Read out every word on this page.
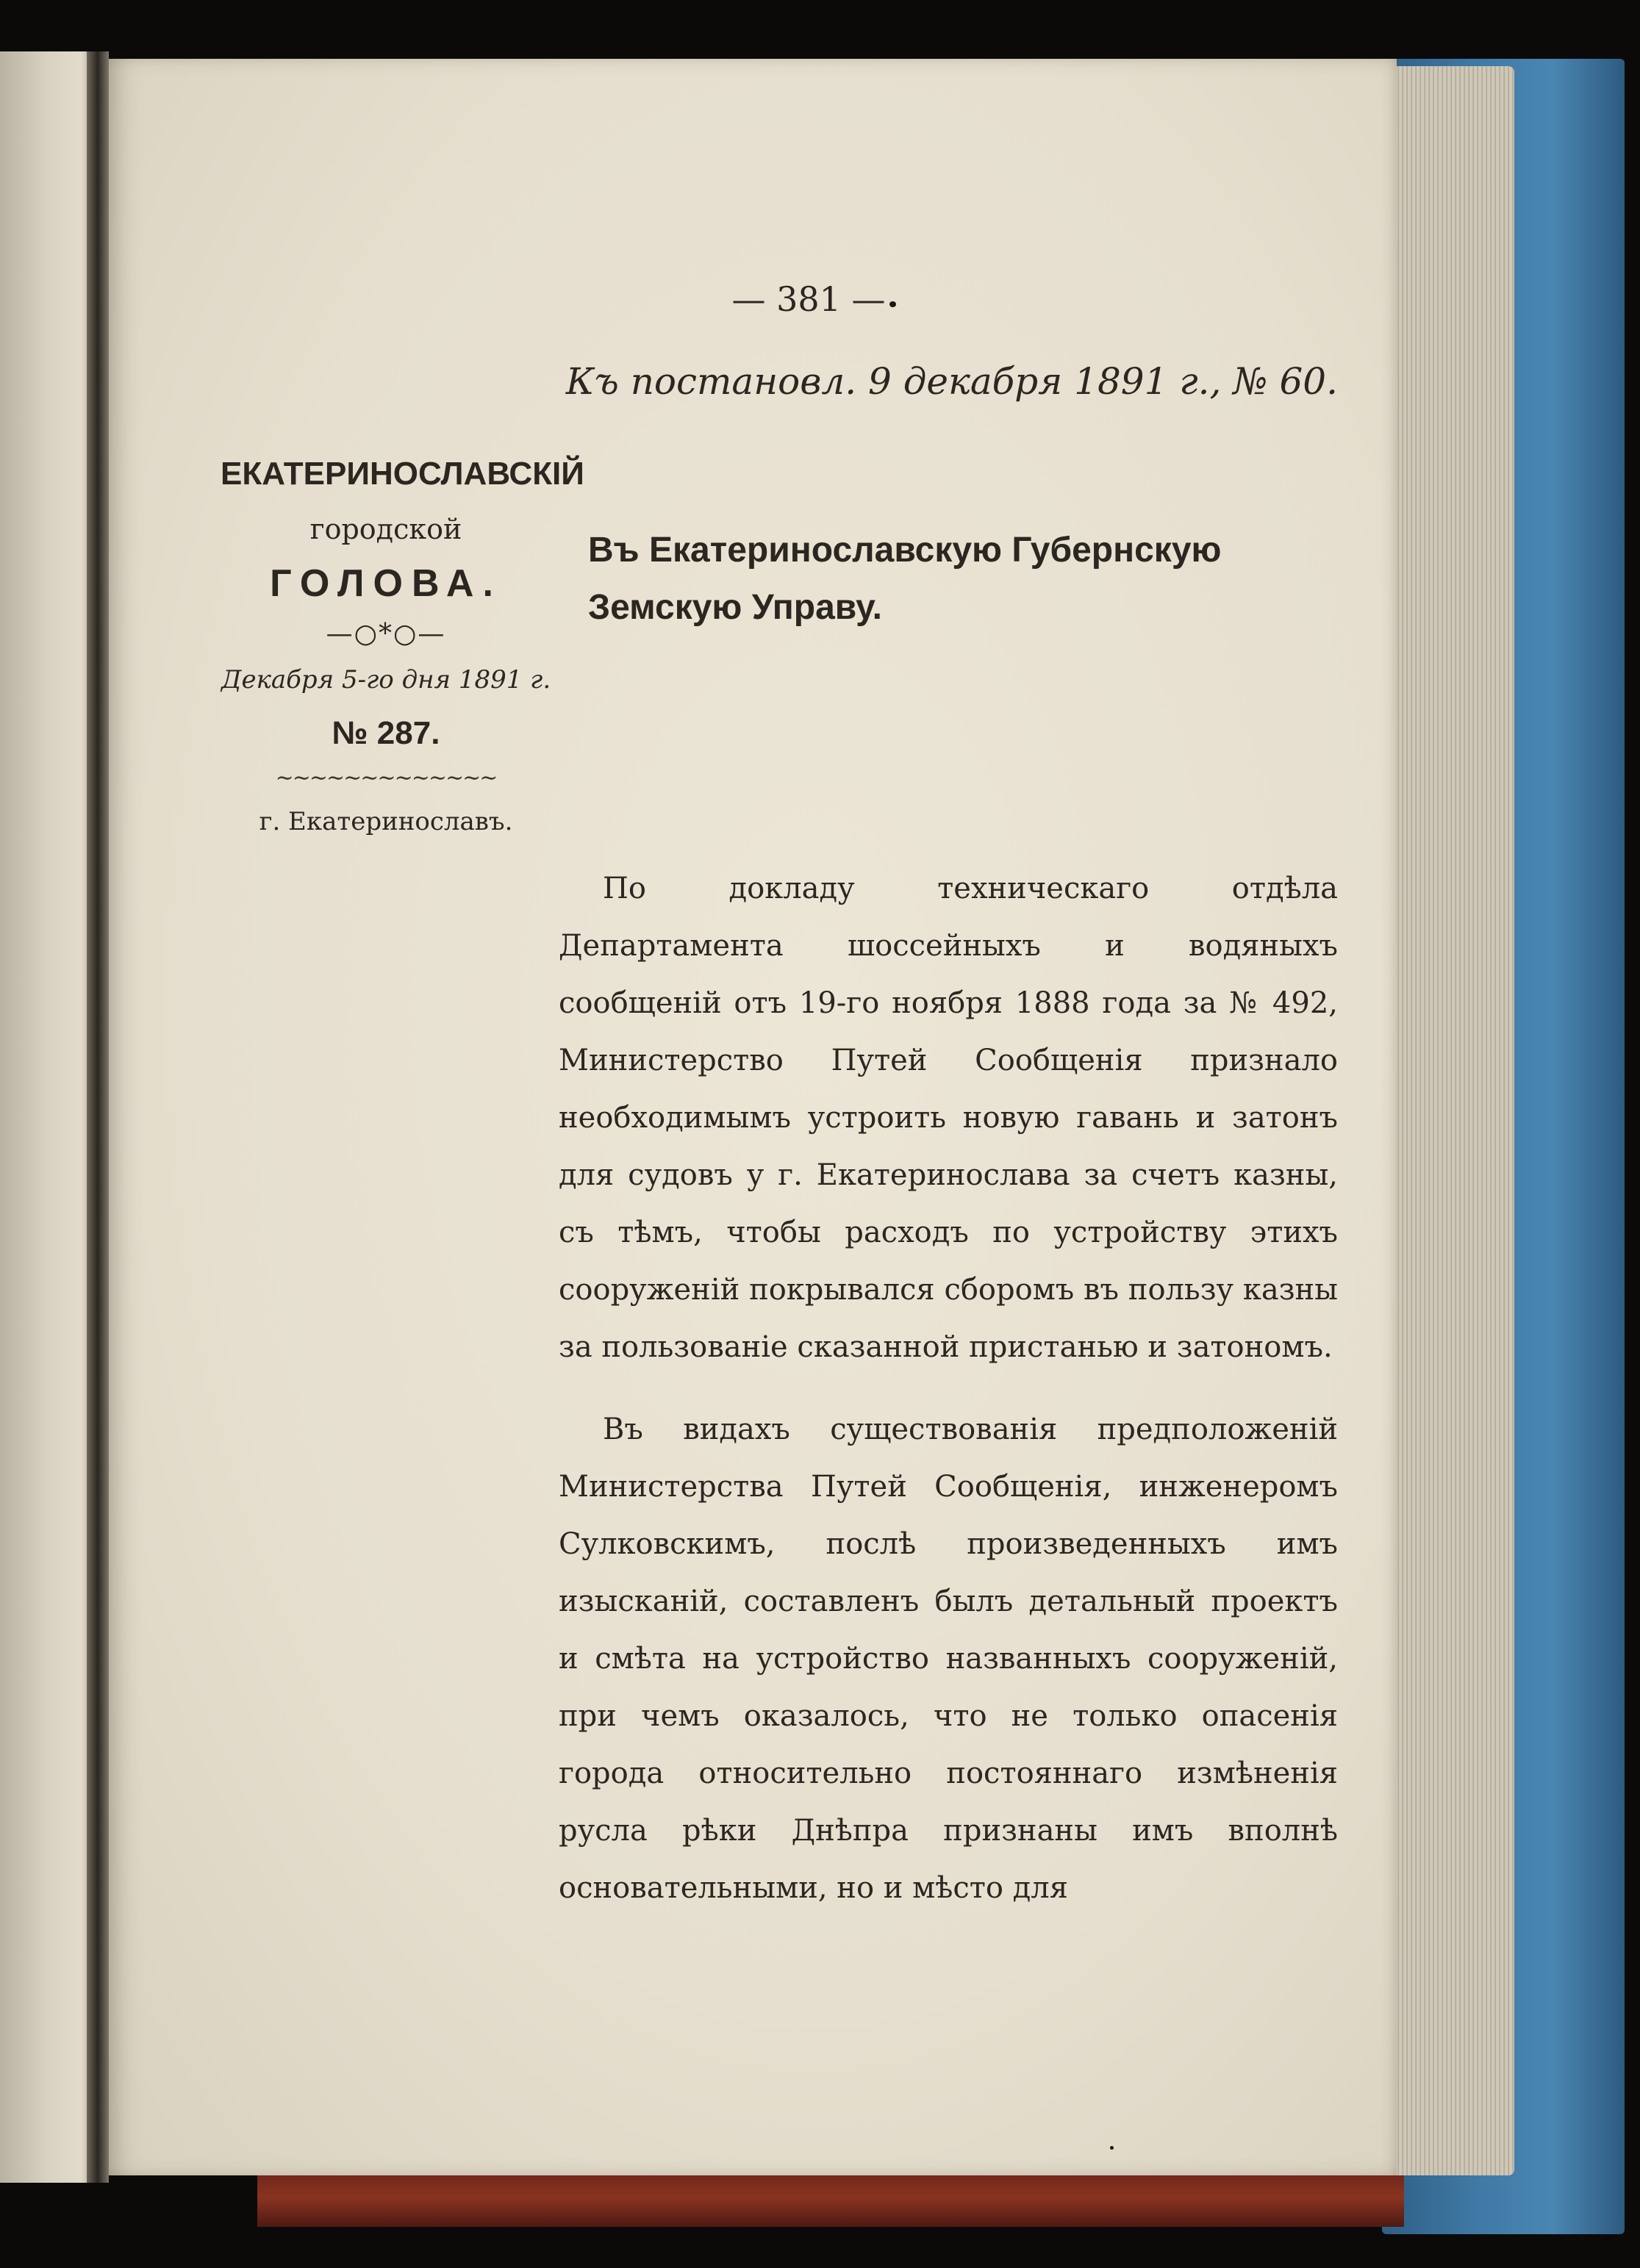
— 381 —
Къ постановл. 9 декабря 1891 г., № 60.
ЕКАТЕРИНОСЛАВСКІЙ
городской
ГОЛОВА.
—○*○—
Декабря 5-го дня 1891 г.
№ 287.
∼∼∼∼∼∼∼∼∼∼∼∼∼
г. Екатеринославъ.
Въ Екатеринославскую Губернскую Земскую Управу.

По докладу техническаго отдѣла Департамента шоссейныхъ и водяныхъ сообщеній отъ 19-го ноября 1888 года за № 492, Министерство Путей Сообщенія признало необходимымъ устроить новую гавань и затонъ для судовъ у г. Екатеринослава за счетъ казны, съ тѣмъ, чтобы расходъ по устройству этихъ сооруженій покрывался сборомъ въ пользу казны за пользованіе сказанной пристанью и затономъ.

Въ видахъ существованія предположеній Министерства Путей Сообщенія, инженеромъ Сулковскимъ, послѣ произведенныхъ имъ изысканій, составленъ былъ детальный проектъ и смѣта на устройство названныхъ сооруженій, при чемъ оказалось, что не только опасенія города относительно постояннаго измѣненія русла рѣки Днѣпра признаны имъ вполнѣ основательными, но и мѣсто для
